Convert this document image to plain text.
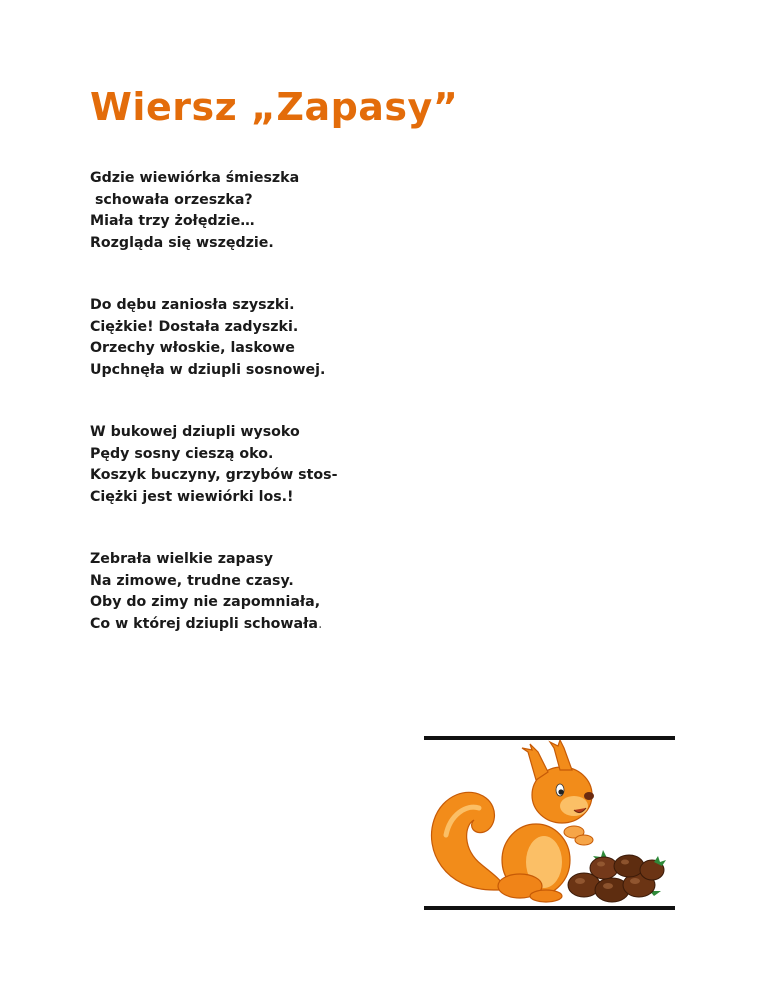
Wiersz „Zapasy”
Gdzie wiewiórka śmieszka
schowała orzeszka?
Miała trzy żołędzie…
Rozgląda się wszędzie.
Do dębu zaniosła szyszki.
Ciężkie! Dostała zadyszki.
Orzechy włoskie, laskowe
Upchnęła w dziupli sosnowej.
W bukowej dziupli wysoko
Pędy sosny cieszą oko.
Koszyk buczyny, grzybów stos-
Ciężki jest wiewiórki los.!
Zebrała wielkie zapasy
Na zimowe, trudne czasy.
Oby do zimy nie zapomniała,
Co w której dziupli schowała.
